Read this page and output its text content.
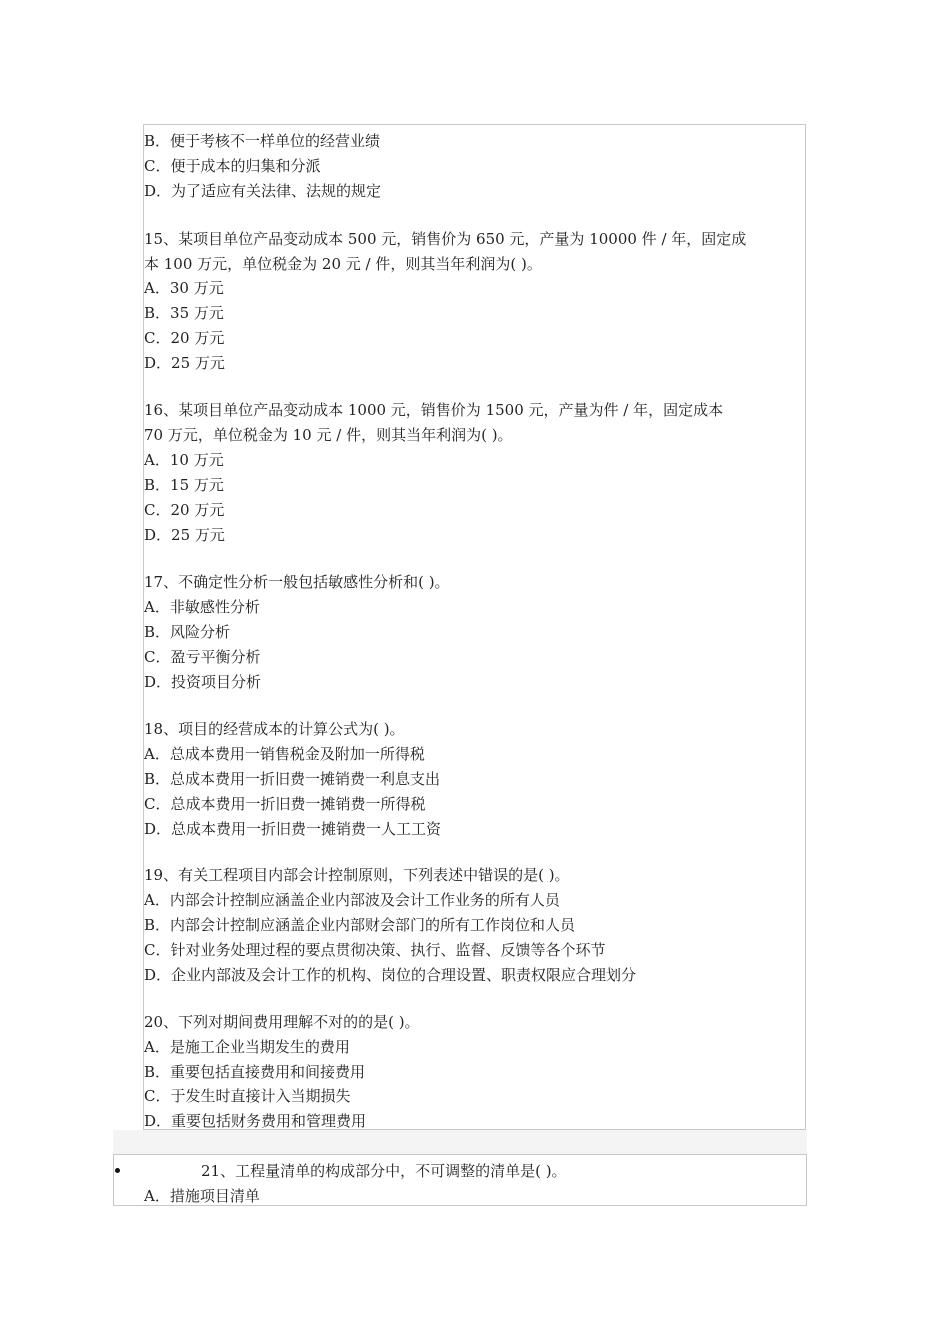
B．便于考核不一样单位的经营业绩
C．便于成本的归集和分派
D．为了适应有关法律、法规的规定
15、某项目单位产品变动成本 500 元，销售价为 650 元，产量为 10000 件 / 年，固定成
本 100 万元，单位税金为 20 元 / 件，则其当年利润为( )。
A．30 万元
B．35 万元
C．20 万元
D．25 万元
16、某项目单位产品变动成本 1000 元，销售价为 1500 元，产量为件 / 年，固定成本
70 万元，单位税金为 10 元 / 件，则其当年利润为( )。
A．10 万元
B．15 万元
C．20 万元
D．25 万元
17、不确定性分析一般包括敏感性分析和( )。
A．非敏感性分析
B．风险分析
C．盈亏平衡分析
D．投资项目分析
18、项目的经营成本的计算公式为( )。
A．总成本费用一销售税金及附加一所得税
B．总成本费用一折旧费一摊销费一利息支出
C．总成本费用一折旧费一摊销费一所得税
D．总成本费用一折旧费一摊销费一人工工资
19、有关工程项目内部会计控制原则，下列表述中错误的是( )。
A．内部会计控制应涵盖企业内部波及会计工作业务的所有人员
B．内部会计控制应涵盖企业内部财会部门的所有工作岗位和人员
C．针对业务处理过程的要点贯彻决策、执行、监督、反馈等各个环节
D．企业内部波及会计工作的机构、岗位的合理设置、职责权限应合理划分
20、下列对期间费用理解不对的的是( )。
A．是施工企业当期发生的费用
B．重要包括直接费用和间接费用
C．于发生时直接计入当期损失
D．重要包括财务费用和管理费用
21、工程量清单的构成部分中，不可调整的清单是( )。
A．措施项目清单
